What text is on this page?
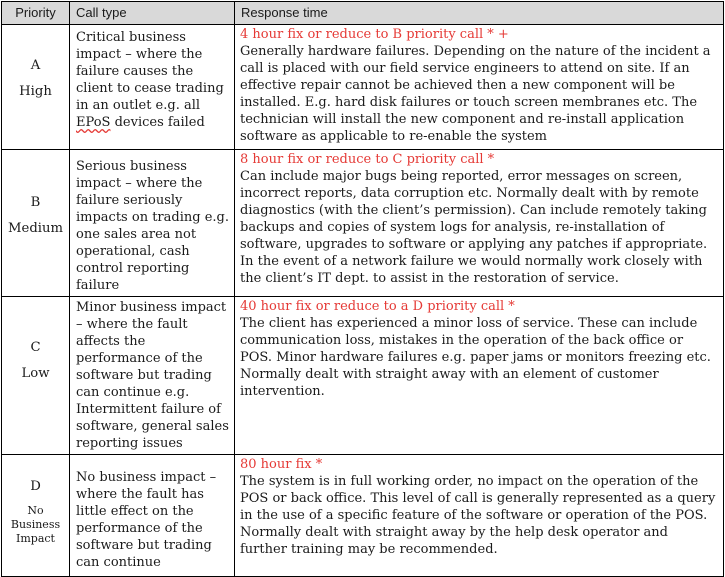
Priority	Call type	Response time

A
High	Critical business impact – where the failure causes the client to cease trading in an outlet e.g. all EPoS devices failed	4 hour fix or reduce to B priority call * +
Generally hardware failures. Depending on the nature of the incident a call is placed with our field service engineers to attend on site. If an effective repair cannot be achieved then a new component will be installed. E.g. hard disk failures or touch screen membranes etc. The technician will install the new component and re-install application software as applicable to re-enable the system

B
Medium	Serious business impact – where the failure seriously impacts on trading e.g. one sales area not operational, cash control reporting failure	8 hour fix or reduce to C priority call *
Can include major bugs being reported, error messages on screen, incorrect reports, data corruption etc. Normally dealt with by remote diagnostics (with the client’s permission). Can include remotely taking backups and copies of system logs for analysis, re-installation of software, upgrades to software or applying any patches if appropriate. In the event of a network failure we would normally work closely with the client’s IT dept. to assist in the restoration of service.

C
Low	Minor business impact – where the fault affects the performance of the software but trading can continue e.g. Intermittent failure of software, general sales reporting issues	40 hour fix or reduce to a D priority call *
The client has experienced a minor loss of service. These can include communication loss, mistakes in the operation of the back office or POS. Minor hardware failures e.g. paper jams or monitors freezing etc. Normally dealt with straight away with an element of customer intervention.

D
No Business Impact	No business impact – where the fault has little effect on the performance of the software but trading can continue	80 hour fix *
The system is in full working order, no impact on the operation of the POS or back office. This level of call is generally represented as a query in the use of a specific feature of the software or operation of the POS. Normally dealt with straight away by the help desk operator and further training may be recommended.
